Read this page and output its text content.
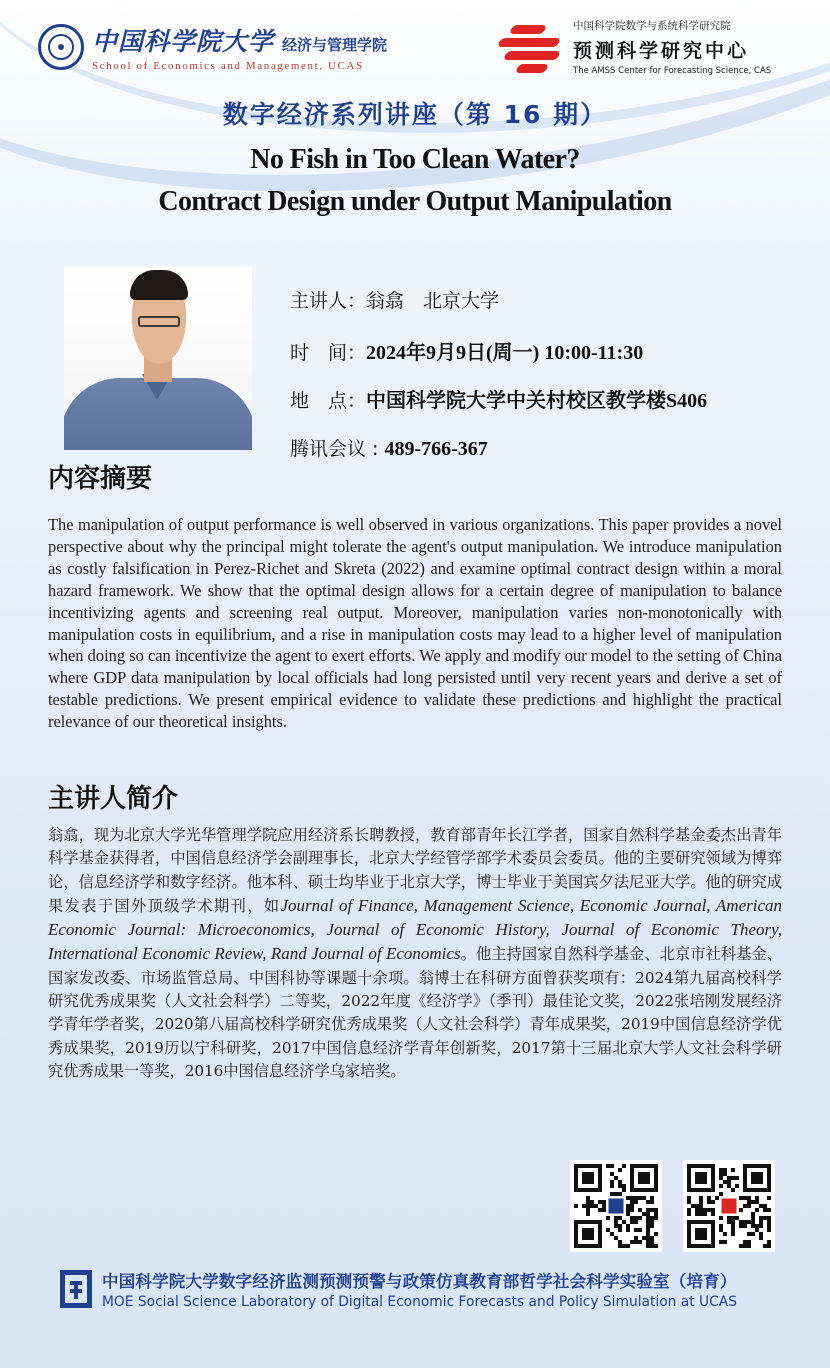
中国科学院大学 经济与管理学院
School of Economics and Management, UCAS
中国科学院数学与系统科学研究院
预测科学研究中心
The AMSS Center for Forecasting Science, CAS
数字经济系列讲座（第 16 期）
No Fish in Too Clean Water?
Contract Design under Output Manipulation
主讲人：翁翕　北京大学
时　间：2024年9月9日(周一) 10:00-11:30
地　点：中国科学院大学中关村校区教学楼S406
腾讯会议 : 489-766-367
内容摘要
The manipulation of output performance is well observed in various organizations. This paper provides a novel perspective about why the principal might tolerate the agent's output manipulation. We introduce manipulation as costly falsification in Perez-Richet and Skreta (2022) and examine optimal contract design within a moral hazard framework. We show that the optimal design allows for a certain degree of manipulation to balance incentivizing agents and screening real output. Moreover, manipulation varies non-monotonically with manipulation costs in equilibrium, and a rise in manipulation costs may lead to a higher level of manipulation when doing so can incentivize the agent to exert efforts. We apply and modify our model to the setting of China where GDP data manipulation by local officials had long persisted until very recent years and derive a set of testable predictions. We present empirical evidence to validate these predictions and highlight the practical relevance of our theoretical insights.
主讲人简介
翁翕，现为北京大学光华管理学院应用经济系长聘教授，教育部青年长江学者，国家自然科学基金委杰出青年科学基金获得者，中国信息经济学会副理事长，北京大学经管学部学术委员会委员。他的主要研究领域为博弈论，信息经济学和数字经济。他本科、硕士均毕业于北京大学，博士毕业于美国宾夕法尼亚大学。他的研究成果发表于国外顶级学术期刊，如Journal of Finance, Management Science, Economic Journal, American Economic Journal: Microeconomics, Journal of Economic History, Journal of Economic Theory, International Economic Review, Rand Journal of Economics。他主持国家自然科学基金、北京市社科基金、国家发改委、市场监管总局、中国科协等课题十余项。翁博士在科研方面曾获奖项有：2024第九届高校科学研究优秀成果奖（人文社会科学）二等奖，2022年度《经济学》（季刊）最佳论文奖，2022张培刚发展经济学青年学者奖，2020第八届高校科学研究优秀成果奖（人文社会科学）青年成果奖，2019中国信息经济学优秀成果奖，2019历以宁科研奖，2017中国信息经济学青年创新奖，2017第十三届北京大学人文社会科学研究优秀成果一等奖，2016中国信息经济学乌家培奖。
中国科学院大学数字经济监测预测预警与政策仿真教育部哲学社会科学实验室（培育）
MOE Social Science Laboratory of Digital Economic Forecasts and Policy Simulation at UCAS
